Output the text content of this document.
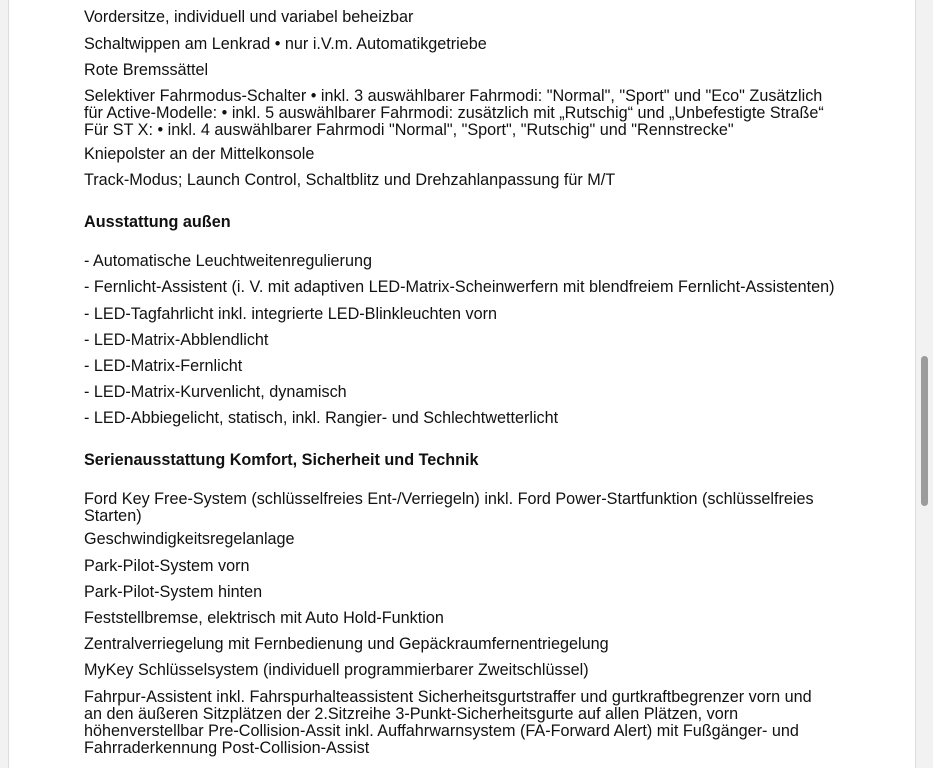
Vordersitze, individuell und variabel beheizbar
Schaltwippen am Lenkrad • nur i.V.m. Automatikgetriebe
Rote Bremssättel
Selektiver Fahrmodus-Schalter • inkl. 3 auswählbarer Fahrmodi: "Normal", "Sport" und "Eco" Zusätzlich für Active-Modelle: • inkl. 5 auswählbarer Fahrmodi: zusätzlich mit „Rutschig“ und „Unbefestigte Straße“ Für ST X: • inkl. 4 auswählbarer Fahrmodi "Normal", "Sport", "Rutschig" und "Rennstrecke"
Kniepolster an der Mittelkonsole
Track-Modus; Launch Control, Schaltblitz und Drehzahlanpassung für M/T
Ausstattung außen
- Automatische Leuchtweitenregulierung
- Fernlicht-Assistent (i. V. mit adaptiven LED-Matrix-Scheinwerfern mit blendfreiem Fernlicht-Assistenten)
- LED-Tagfahrlicht inkl. integrierte LED-Blinkleuchten vorn
- LED-Matrix-Abblendlicht
- LED-Matrix-Fernlicht
- LED-Matrix-Kurvenlicht, dynamisch
- LED-Abbiegelicht, statisch, inkl. Rangier- und Schlechtwetterlicht
Serienausstattung Komfort, Sicherheit und Technik
Ford Key Free-System (schlüsselfreies Ent-/Verriegeln) inkl. Ford Power-Startfunktion (schlüsselfreies Starten)
Geschwindigkeitsregelanlage
Park-Pilot-System vorn
Park-Pilot-System hinten
Feststellbremse, elektrisch mit Auto Hold-Funktion
Zentralverriegelung mit Fernbedienung und Gepäckraumfernentriegelung
MyKey Schlüsselsystem (individuell programmierbarer Zweitschlüssel)
Fahrpur-Assistent inkl. Fahrspurhalteassistent Sicherheitsgurtstraffer und gurtkraftbegrenzer vorn und an den äußeren Sitzplätzen der 2.Sitzreihe 3-Punkt-Sicherheitsgurte auf allen Plätzen, vorn höhenverstellbar Pre-Collision-Assit inkl. Auffahrwarnsystem (FA-Forward Alert) mit Fußgänger- und Fahrraderkennung Post-Collision-Assist
